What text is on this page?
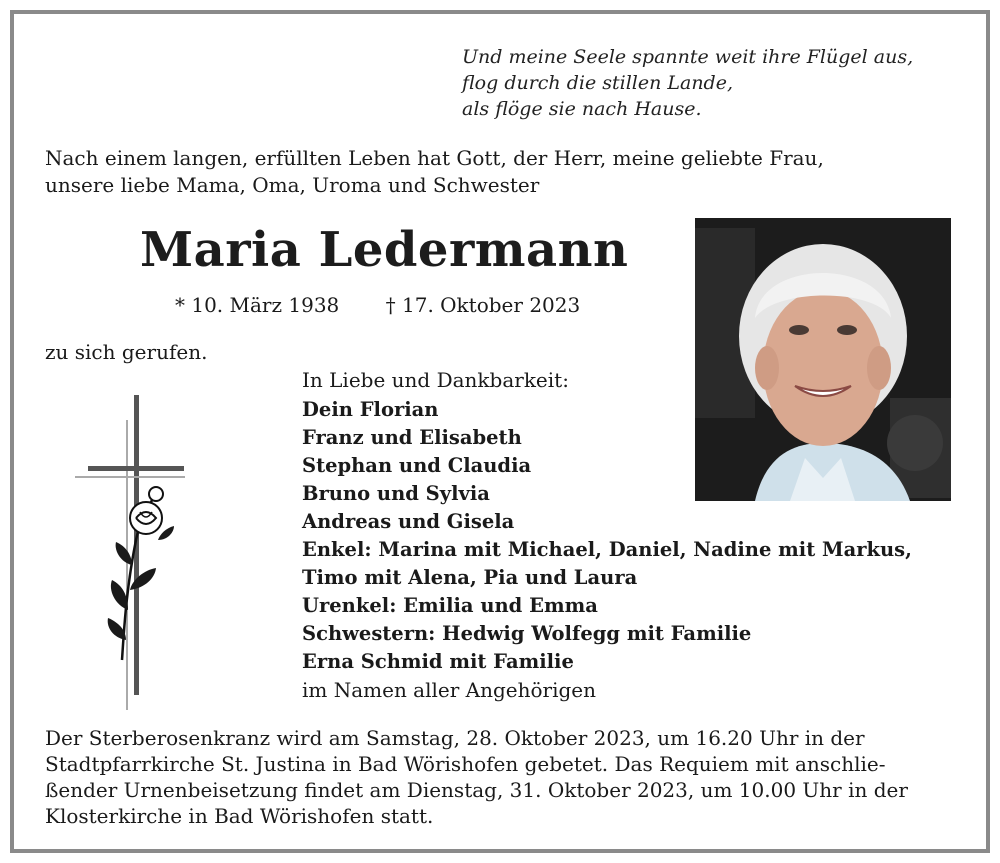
Und meine Seele spannte weit ihre Flügel aus,
flog durch die stillen Lande,
als flöge sie nach Hause.
Nach einem langen, erfüllten Leben hat Gott, der Herr, meine geliebte Frau,
unsere liebe Mama, Oma, Uroma und Schwester
Maria Ledermann
* 10. März 1938 † 17. Oktober 2023
zu sich gerufen.
In Liebe und Dankbarkeit:
Dein Florian
Franz und Elisabeth
Stephan und Claudia
Bruno und Sylvia
Andreas und Gisela
Enkel: Marina mit Michael, Daniel, Nadine mit Markus,
Timo mit Alena, Pia und Laura
Urenkel: Emilia und Emma
Schwestern: Hedwig Wolfegg mit Familie
Erna Schmid mit Familie
im Namen aller Angehörigen
Der Sterberosenkranz wird am Samstag, 28. Oktober 2023, um 16.20 Uhr in der
Stadtpfarrkirche St. Justina in Bad Wörishofen gebetet. Das Requiem mit anschlie-
ßender Urnenbeisetzung findet am Dienstag, 31. Oktober 2023, um 10.00 Uhr in der
Klosterkirche in Bad Wörishofen statt.
